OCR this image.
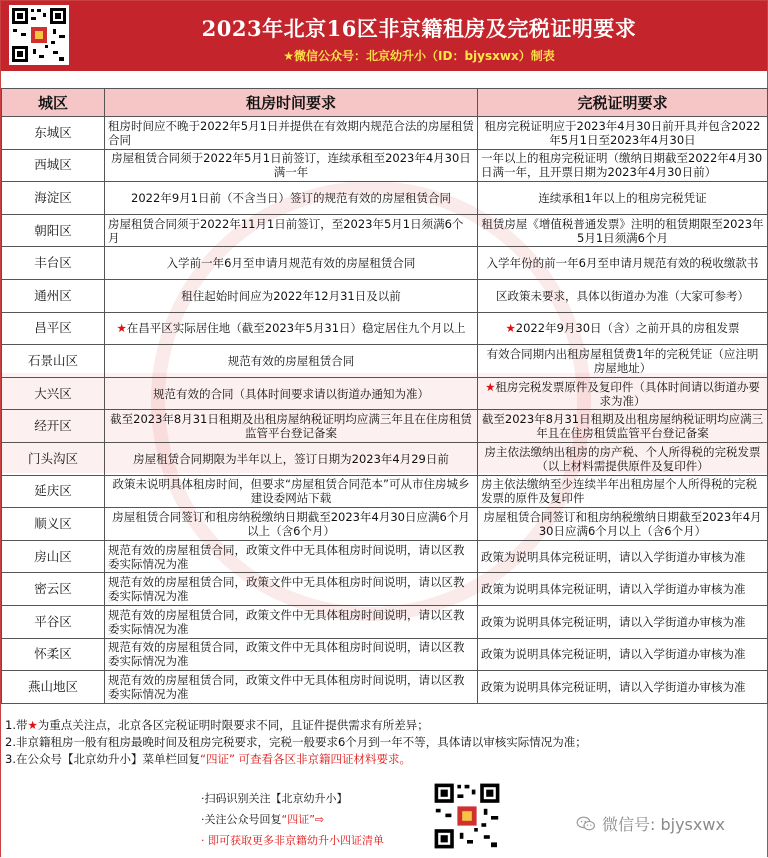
2023年北京16区非京籍租房及完税证明要求
★微信公众号：北京幼升小（ID：bjysxwx）制表
城区	租房时间要求	完税证明要求
东城区	租房时间应不晚于2022年5月1日并提供在有效期内规范合法的房屋租赁合同	租房完税证明应于2023年4月30日前开具并包含2022年5月1日至2023年4月30日
西城区	房屋租赁合同须于2022年5月1日前签订，连续承租至2023年4月30日满一年	一年以上的租房完税证明（缴纳日期截至2022年4月30日满一年，且开票日期为2023年4月30日前）
海淀区	2022年9月1日前（不含当日）签订的规范有效的房屋租赁合同	连续承租1年以上的租房完税凭证
朝阳区	房屋租赁合同须于2022年11月1日前签订，至2023年5月1日须满6个月	租赁房屋《增值税普通发票》注明的租赁期限至2023年5月1日须满6个月
丰台区	入学前一年6月至申请月规范有效的房屋租赁合同	入学年份的前一年6月至申请月规范有效的税收缴款书
通州区	租住起始时间应为2022年12月31日及以前	区政策未要求，具体以街道办为准（大家可参考）
昌平区	★在昌平区实际居住地（截至2023年5月31日）稳定居住九个月以上	★2022年9月30日（含）之前开具的房租发票
石景山区	规范有效的房屋租赁合同	有效合同期内出租房屋租赁费1年的完税凭证（应注明房屋地址）
大兴区	规范有效的合同（具体时间要求请以街道办通知为准）	★租房完税发票原件及复印件（具体时间请以街道办要求为准）
经开区	截至2023年8月31日租期及出租房屋纳税证明均应满三年且在住房租赁监管平台登记备案	截至2023年8月31日租期及出租房屋纳税证明均应满三年且在住房租赁监管平台登记备案
门头沟区	房屋租赁合同期限为半年以上，签订日期为2023年4月29日前	房主依法缴纳出租房的房产税、个人所得税的完税发票（以上材料需提供原件及复印件）
延庆区	政策未说明具体租房时间，但要求“房屋租赁合同范本”可从市住房城乡建设委网站下载	房主依法缴纳至少连续半年出租房屋个人所得税的完税发票的原件及复印件
顺义区	房屋租赁合同签订和租房纳税缴纳日期截至2023年4月30日应满6个月以上（含6个月）	房屋租赁合同签订和租房纳税缴纳日期截至2023年4月30日应满6个月以上（含6个月）
房山区	规范有效的房屋租赁合同，政策文件中无具体租房时间说明，请以区教委实际情况为准	政策为说明具体完税证明，请以入学街道办审核为准
密云区	规范有效的房屋租赁合同，政策文件中无具体租房时间说明，请以区教委实际情况为准	政策为说明具体完税证明，请以入学街道办审核为准
平谷区	规范有效的房屋租赁合同，政策文件中无具体租房时间说明，请以区教委实际情况为准	政策为说明具体完税证明，请以入学街道办审核为准
怀柔区	规范有效的房屋租赁合同，政策文件中无具体租房时间说明，请以区教委实际情况为准	政策为说明具体完税证明，请以入学街道办审核为准
燕山地区	规范有效的房屋租赁合同，政策文件中无具体租房时间说明，请以区教委实际情况为准	政策为说明具体完税证明，请以入学街道办审核为准
1.带★为重点关注点，北京各区完税证明时限要求不同，且证件提供需求有所差异；
2.非京籍租房一般有租房最晚时间及租房完税要求，完税一般要求6个月到一年不等，具体请以审核实际情况为准；
3.在公众号【北京幼升小】菜单栏回复“四证” 可查看各区非京籍四证材料要求。
·扫码识别关注【北京幼升小】
·关注公众号回复“四证”⇨
· 即可获取更多非京籍幼升小四证清单
微信号: bjysxwx
